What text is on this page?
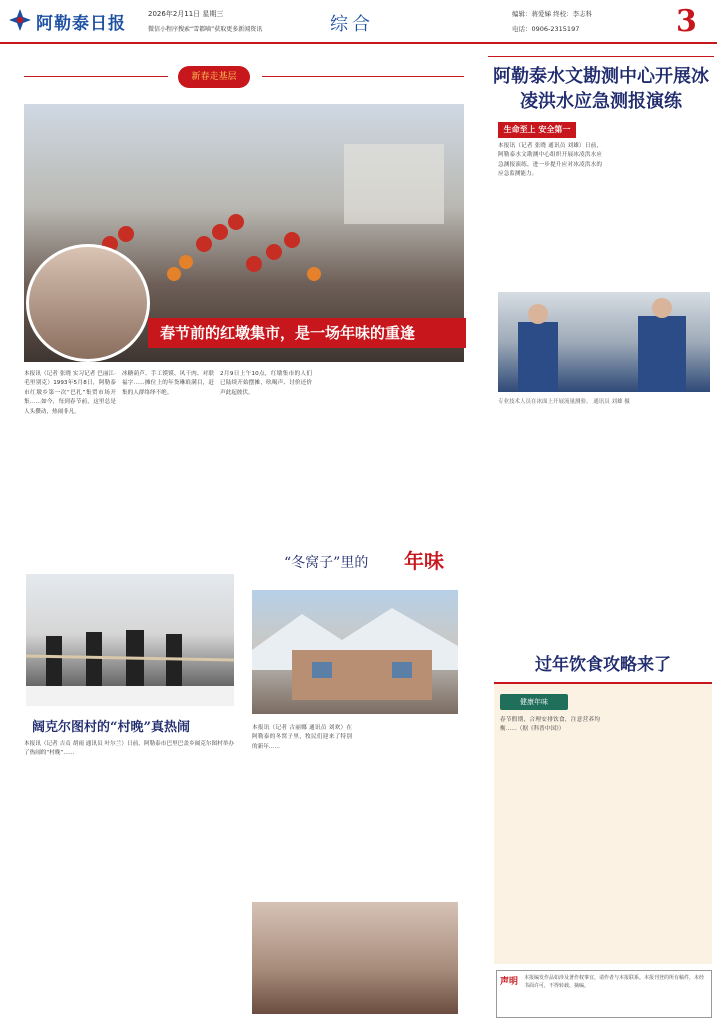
阿勒泰日报	2026年2月11日 星期三
微信小程序搜索“雪都嘀”获取更多新闻资讯	综合	编辑：蒋爱娣 终校：李志科
电话：0906-2315197	3
新春走基层
春节前的红墩集市，是一场年味的重逢
本报讯（记者 张晓 实习记者 巴丽江·毛里别克）1993年5月8日，阿勒泰市红墩乡第一次“巴扎”集贸市场开集……如今，每到春节前，这里总是人头攒动，热闹非凡。
冰糖葫芦、手工馍馍、风干肉、对联福字……摊位上的年货琳琅满目，赶集的人群络绎不绝。
2月9日上午10点，红墩集市的人们已陆续开始摆摊，吆喝声、讨价还价声此起彼伏。
阔克尔图村的“村晚”真热闹
本报讯（记者 吉贞 胡雨 通讯员 叶尔兰）日前，阿勒泰市巴里巴盖乡阔克尔图村举办了热闹的“村晚”……
“冬窝子”里的 年味
本报讯（记者 古丽娜 通讯员 刘欢）在阿勒泰的冬窝子里，牧民们迎来了特别的新年……
阿勒泰水文勘测中心开展冰凌洪水应急测报演练
生命至上 安全第一
本报讯（记者 张晓 通讯员 刘雄）日前，阿勒泰水文勘测中心组织开展冰凌洪水应急测报演练，进一步提升应对冰凌洪水的应急监测能力。
专业技术人员在冰面上开展流量测验。 通讯员 刘雄 摄
过年饮食攻略来了
健康年味
春节假期，合理安排饮食，注意营养均衡……（据《科普中国》）
声明	本报编发作品如涉及著作权事宜，请作者与本报联系。本报刊登的所有稿件，未经书面许可，不得转载、摘编。
